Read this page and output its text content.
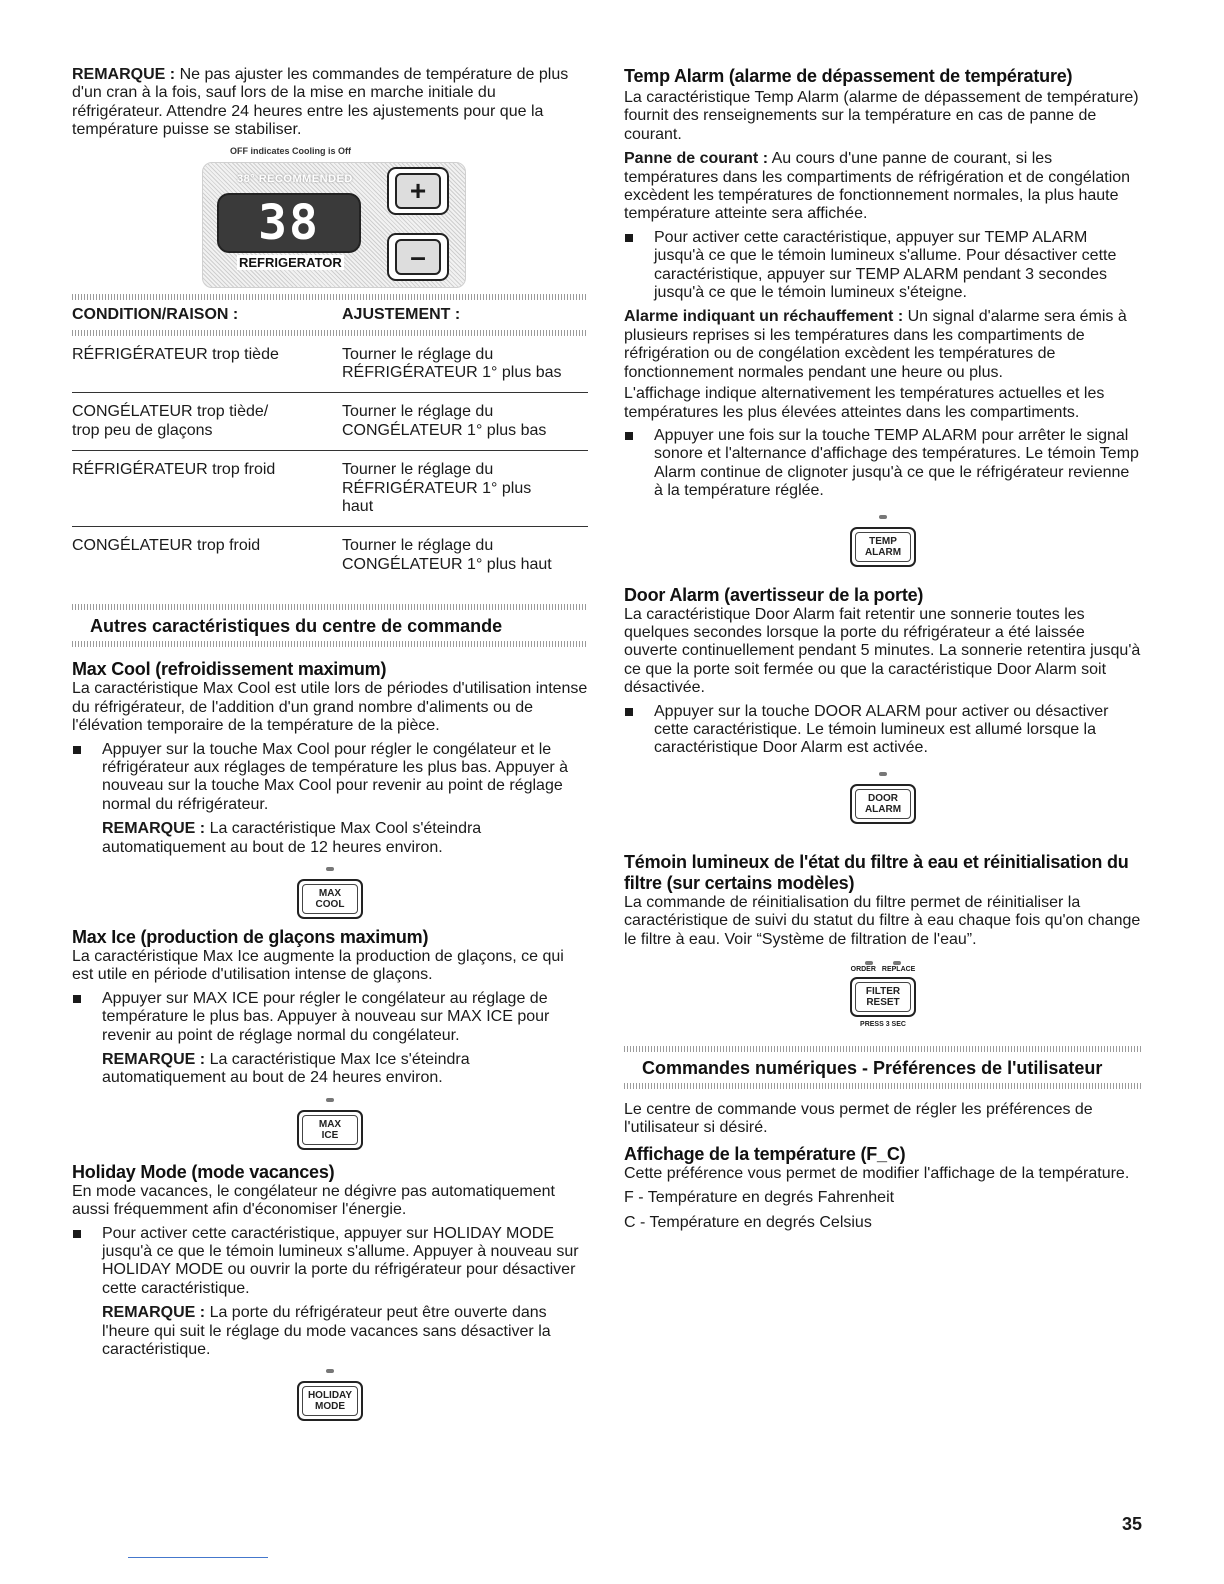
REMARQUE : Ne pas ajuster les commandes de température de plus d'un cran à la fois, sauf lors de la mise en marche initiale du réfrigérateur. Attendre 24 heures entre les ajustements pour que la température puisse se stabiliser.

OFF indicates Cooling is Off
38° RECOMMENDED
38
REFRIGERATOR
+
–
CONDITION/RAISON :	AJUSTEMENT :
RÉFRIGÉRATEUR trop tiède	Tourner le réglage du RÉFRIGÉRATEUR 1° plus bas
CONGÉLATEUR trop tiède/ trop peu de glaçons	Tourner le réglage du CONGÉLATEUR 1° plus bas
RÉFRIGÉRATEUR trop froid	Tourner le réglage du RÉFRIGÉRATEUR 1° plus haut
CONGÉLATEUR trop froid	Tourner le réglage du CONGÉLATEUR 1° plus haut
Autres caractéristiques du centre de commande
Max Cool (refroidissement maximum)

La caractéristique Max Cool est utile lors de périodes d'utilisation intense du réfrigérateur, de l'addition d'un grand nombre d'aliments ou de l'élévation temporaire de la température de la pièce.

Appuyer sur la touche Max Cool pour régler le congélateur et le réfrigérateur aux réglages de température les plus bas. Appuyer à nouveau sur la touche Max Cool pour revenir au point de réglage normal du réfrigérateur.

REMARQUE : La caractéristique Max Cool s'éteindra automatiquement au bout de 12 heures environ.

MAX
COOL
Max Ice (production de glaçons maximum)

La caractéristique Max Ice augmente la production de glaçons, ce qui est utile en période d'utilisation intense de glaçons.

Appuyer sur MAX ICE pour régler le congélateur au réglage de température le plus bas. Appuyer à nouveau sur MAX ICE pour revenir au point de réglage normal du congélateur.

REMARQUE : La caractéristique Max Ice s'éteindra automatiquement au bout de 24 heures environ.

MAX
ICE
Holiday Mode (mode vacances)

En mode vacances, le congélateur ne dégivre pas automatiquement aussi fréquemment afin d'économiser l'énergie.

Pour activer cette caractéristique, appuyer sur HOLIDAY MODE jusqu'à ce que le témoin lumineux s'allume. Appuyer à nouveau sur HOLIDAY MODE ou ouvrir la porte du réfrigérateur pour désactiver cette caractéristique.

REMARQUE : La porte du réfrigérateur peut être ouverte dans l'heure qui suit le réglage du mode vacances sans désactiver la caractéristique.

HOLIDAY
MODE
Temp Alarm (alarme de dépassement de température)

La caractéristique Temp Alarm (alarme de dépassement de température) fournit des renseignements sur la température en cas de panne de courant.

Panne de courant : Au cours d'une panne de courant, si les températures dans les compartiments de réfrigération et de congélation excèdent les températures de fonctionnement normales, la plus haute température atteinte sera affichée.

Pour activer cette caractéristique, appuyer sur TEMP ALARM jusqu'à ce que le témoin lumineux s'allume. Pour désactiver cette caractéristique, appuyer sur TEMP ALARM pendant 3 secondes jusqu'à ce que le témoin lumineux s'éteigne.

Alarme indiquant un réchauffement : Un signal d'alarme sera émis à plusieurs reprises si les températures dans les compartiments de réfrigération ou de congélation excèdent les températures de fonctionnement normales pendant une heure ou plus.

L'affichage indique alternativement les températures actuelles et les températures les plus élevées atteintes dans les compartiments.

Appuyer une fois sur la touche TEMP ALARM pour arrêter le signal sonore et l'alternance d'affichage des températures. Le témoin Temp Alarm continue de clignoter jusqu'à ce que le réfrigérateur revienne à la température réglée.
TEMP
ALARM
Door Alarm (avertisseur de la porte)

La caractéristique Door Alarm fait retentir une sonnerie toutes les quelques secondes lorsque la porte du réfrigérateur a été laissée ouverte continuellement pendant 5 minutes. La sonnerie retentira jusqu'à ce que la porte soit fermée ou que la caractéristique Door Alarm soit désactivée.

Appuyer sur la touche DOOR ALARM pour activer ou désactiver cette caractéristique. Le témoin lumineux est allumé lorsque la caractéristique Door Alarm est activée.
DOOR
ALARM
Témoin lumineux de l'état du filtre à eau et réinitialisation du filtre (sur certains modèles)

La commande de réinitialisation du filtre permet de réinitialiser la caractéristique de suivi du statut du filtre à eau chaque fois qu'on change le filtre à eau. Voir “Système de filtration de l'eau”.

ORDER REPLACE
FILTER
RESET
PRESS 3 SEC
Commandes numériques - Préférences de l'utilisateur

Le centre de commande vous permet de régler les préférences de l'utilisateur si désiré.

Affichage de la température (F_C)

Cette préférence vous permet de modifier l'affichage de la température.

F - Température en degrés Fahrenheit

C - Température en degrés Celsius

35
